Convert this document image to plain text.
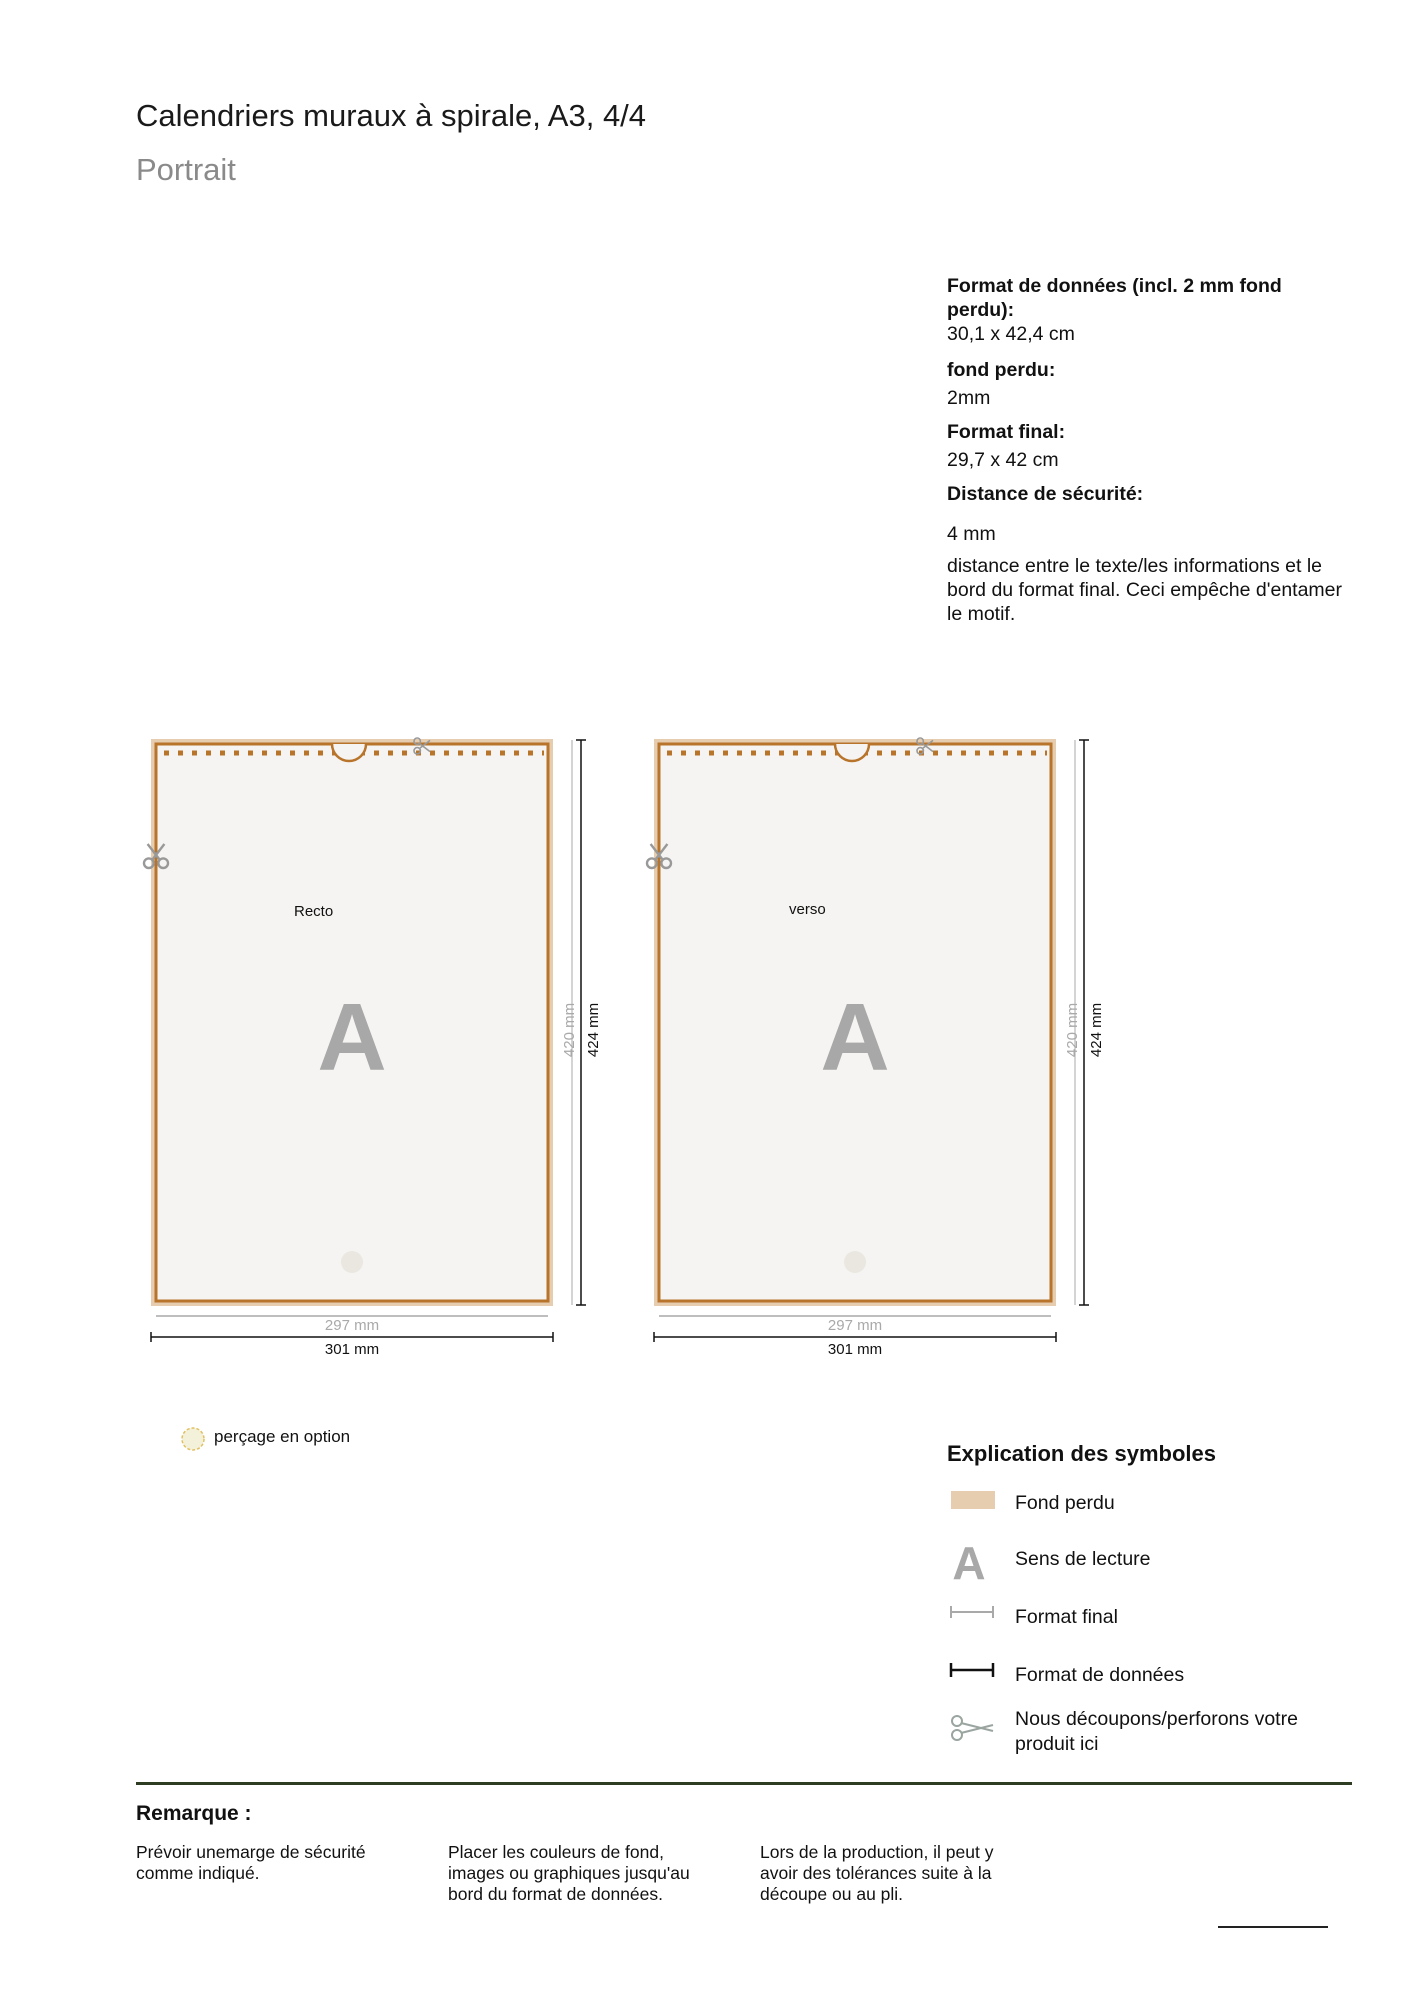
Calendriers muraux à spirale, A3, 4/4
Portrait
Format de données (incl. 2 mm fond perdu):
30,1 x 42,4 cm
fond perdu:
2mm
Format final:
29,7 x 42 cm
Distance de sécurité:
4 mm
distance entre le texte/les informations et le bord du format final. Ceci empêche d'entamer le motif.
Recto
A	420 mm 424 mm
297 mm
301 mm
verso
A	420 mm 424 mm
297 mm
301 mm
perçage en option
Explication des symboles
Fond perdu
A Sens de lecture
Format final
Format de données
Nous découpons/perforons votre produit ici
Remarque :
Prévoir unemarge de sécurité comme indiqué.
Placer les couleurs de fond, images ou graphiques jusqu'au bord du format de données.
Lors de la production, il peut y avoir des tolérances suite à la découpe ou au pli.
